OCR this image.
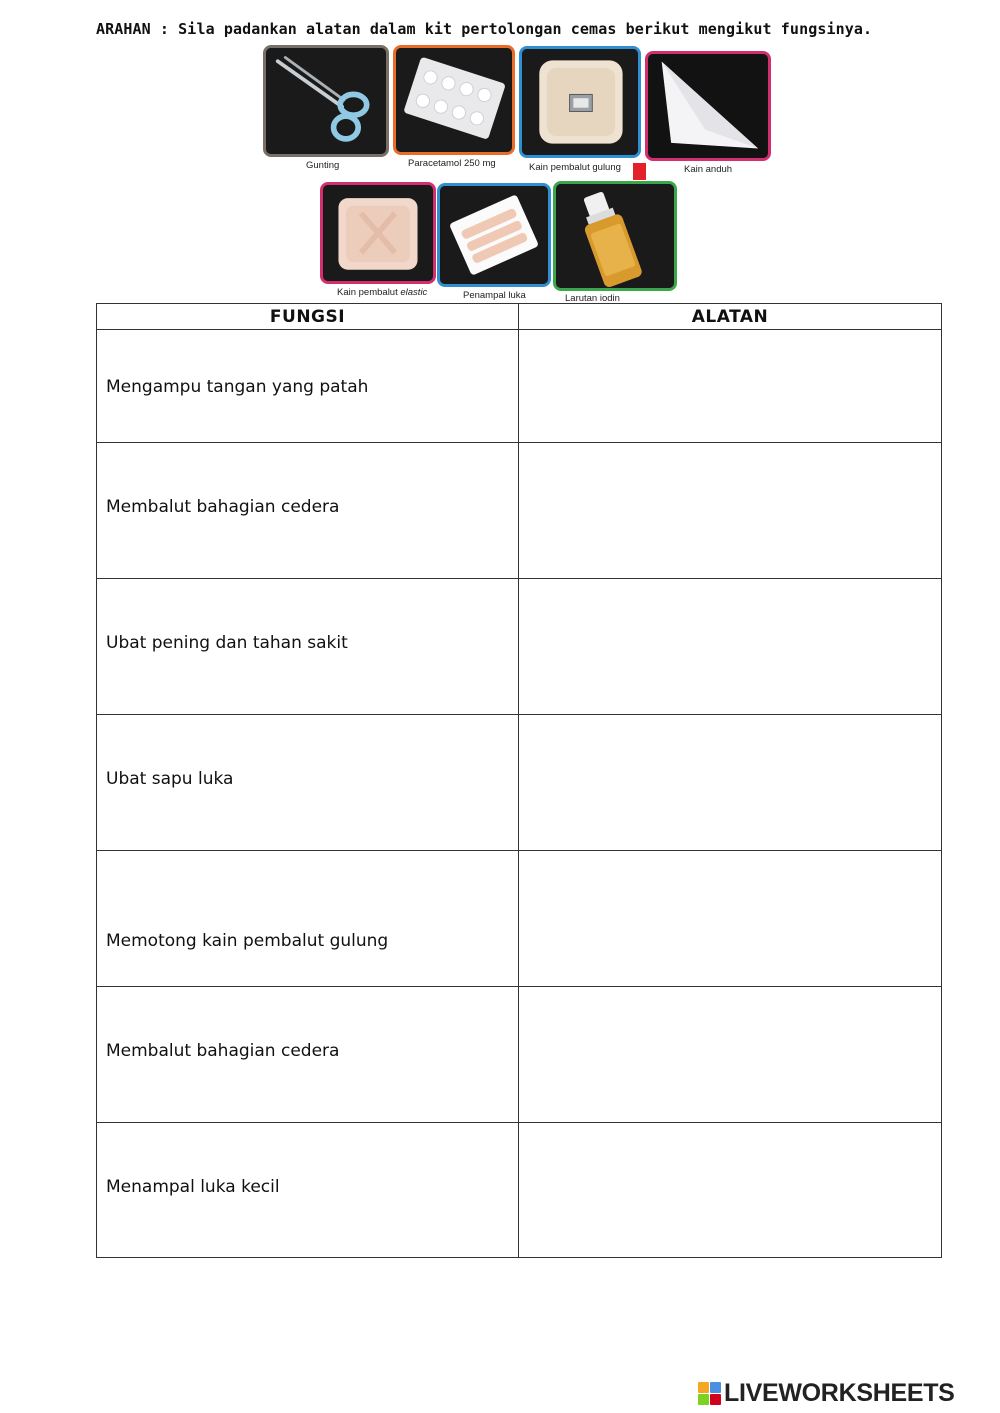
ARAHAN : Sila padankan alatan dalam kit pertolongan cemas berikut mengikut fungsinya.
Gunting	Paracetamol 250 mg	Kain pembalut gulung	Kain anduh
Kain pembalut elastic	Penampal luka	Larutan iodin
FUNGSI	ALATAN
Mengampu tangan yang patah	
Membalut bahagian cedera	
Ubat pening dan tahan sakit	
Ubat sapu luka	
Memotong kain pembalut gulung	
Membalut bahagian cedera	
Menampal luka kecil	
LIVEWORKSHEETS
